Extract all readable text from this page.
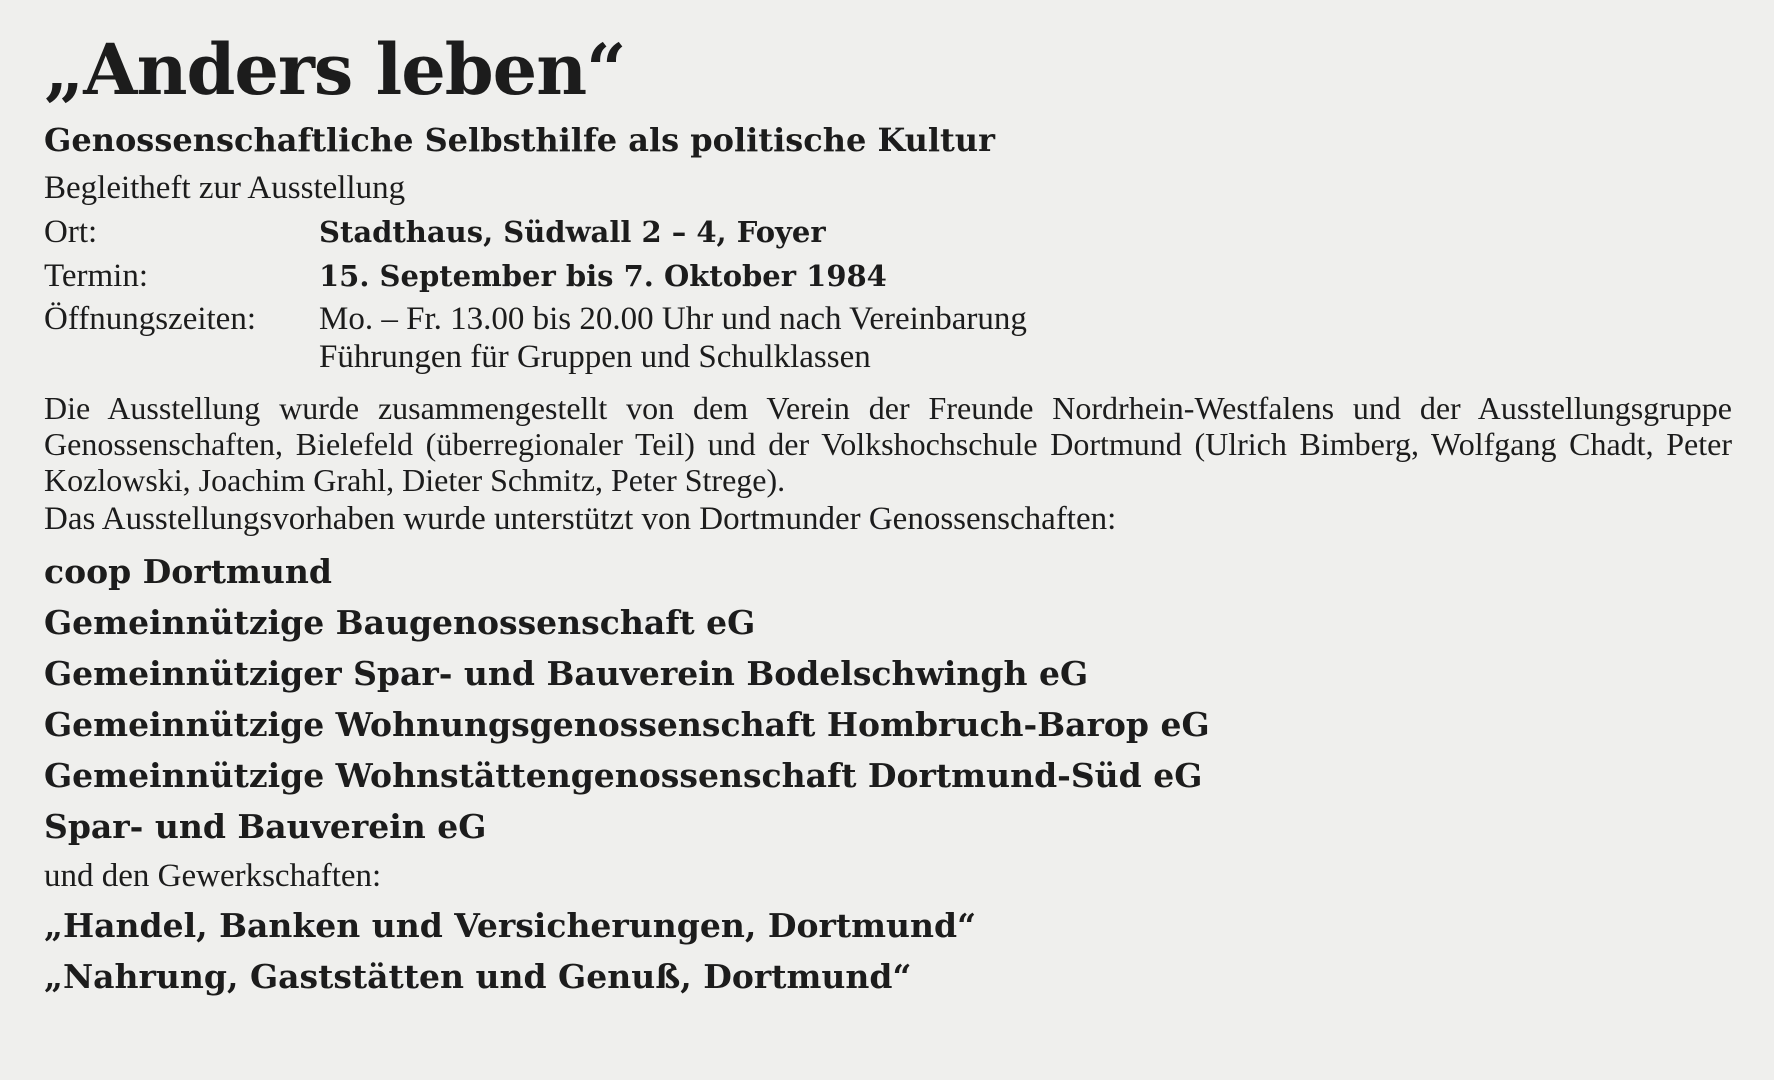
„Anders leben“
Genossenschaftliche Selbsthilfe als politische Kultur
Begleitheft zur Ausstellung
Ort:	Stadthaus, Südwall 2 – 4, Foyer
Termin:	15. September bis 7. Oktober 1984
Öffnungszeiten:	Mo. – Fr. 13.00 bis 20.00 Uhr und nach Vereinbarung
Führungen für Gruppen und Schulklassen
Die Ausstellung wurde zusammengestellt von dem Verein der Freunde Nordrhein-Westfalens und der Ausstellungsgruppe Genossenschaften, Bielefeld (überregionaler Teil) und der Volkshochschule Dortmund (Ulrich Bimberg, Wolfgang Chadt, Peter Kozlowski, Joachim Grahl, Dieter Schmitz, Peter Strege).
Das Ausstellungsvorhaben wurde unterstützt von Dortmunder Genossenschaften:
coop Dortmund
Gemeinnützige Baugenossenschaft eG
Gemeinnütziger Spar- und Bauverein Bodelschwingh eG
Gemeinnützige Wohnungsgenossenschaft Hombruch-Barop eG
Gemeinnützige Wohnstättengenossenschaft Dortmund-Süd eG
Spar- und Bauverein eG
und den Gewerkschaften:
„Handel, Banken und Versicherungen, Dortmund“
„Nahrung, Gaststätten und Genuß, Dortmund“
